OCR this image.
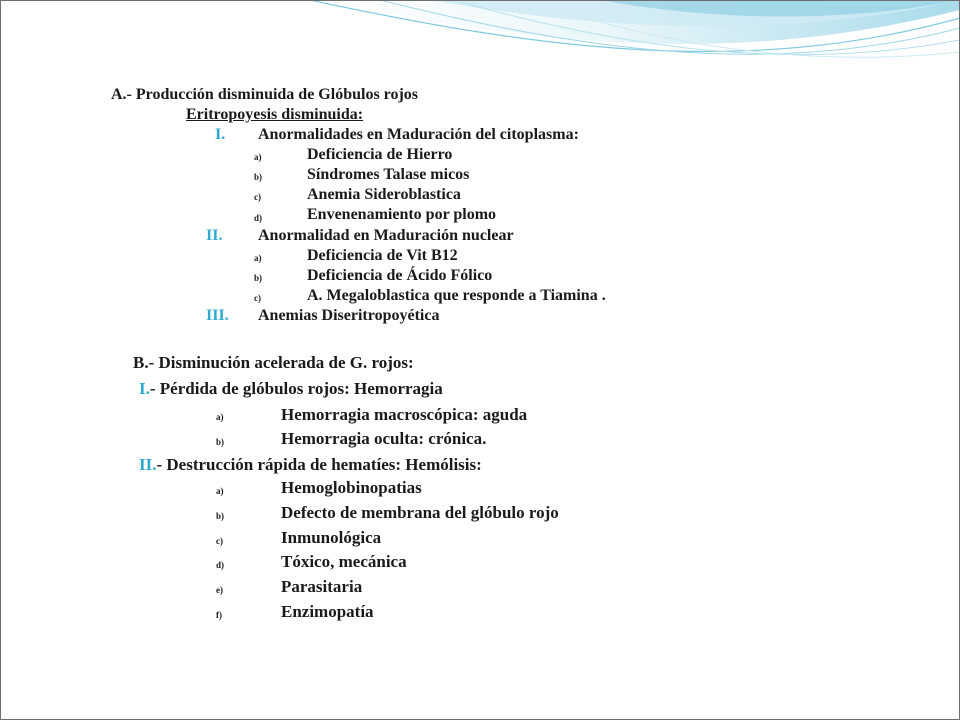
A.- Producción disminuida de Glóbulos rojos
Eritropoyesis disminuida:
I. Anormalidades en Maduración del citoplasma:
a)	Deficiencia de Hierro
b)	Síndromes Talase micos
c)	Anemia Sideroblastica
d)	Envenenamiento por plomo
II. Anormalidad en Maduración nuclear
a)	Deficiencia de Vit B12
b)	Deficiencia de Ácido Fólico
c)	A. Megaloblastica que responde a Tiamina .
III. Anemias Diseritropoyética
B.- Disminución acelerada de G. rojos:
I.- Pérdida de glóbulos rojos: Hemorragia
a)	Hemorragia macroscópica: aguda
b)	Hemorragia oculta: crónica.
II.- Destrucción rápida de hematíes: Hemólisis:
a)	Hemoglobinopatias
b)	Defecto de membrana del glóbulo rojo
c)	Inmunológica
d)	Tóxico, mecánica
e)	Parasitaria
f)	Enzimopatía
